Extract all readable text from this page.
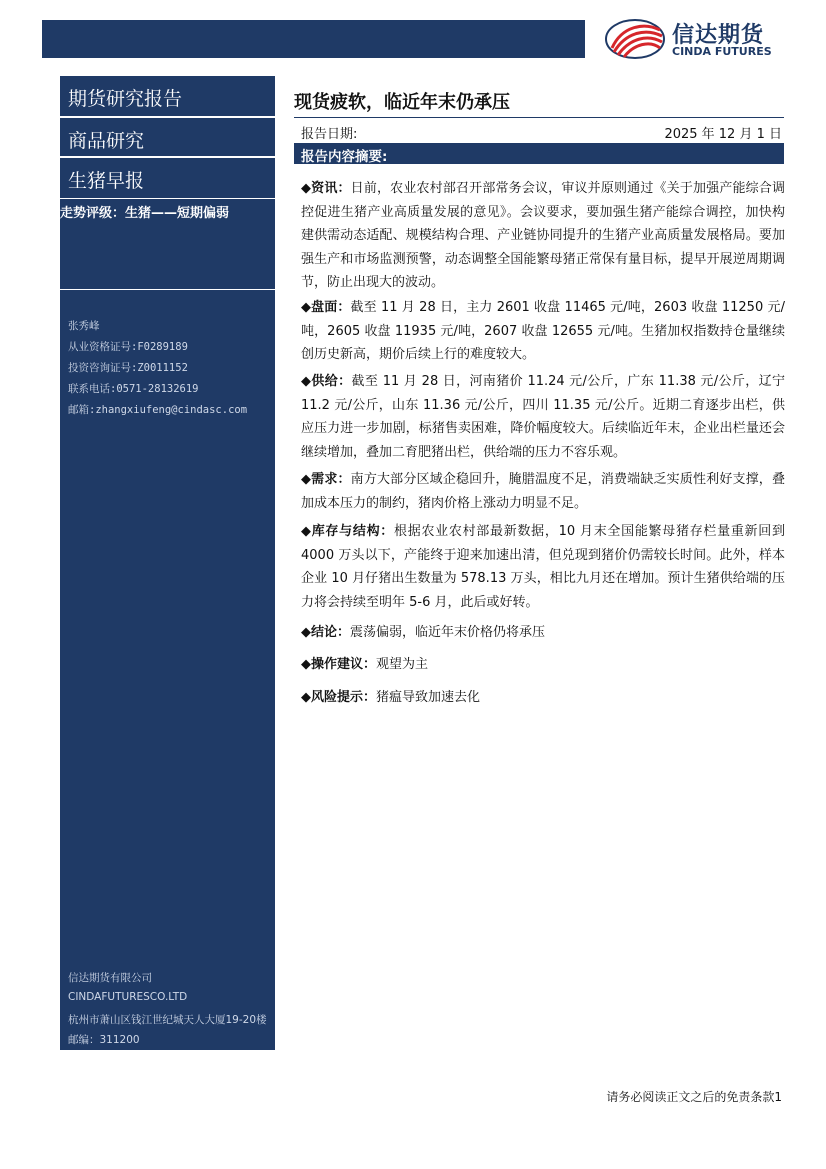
信达期货
CINDA FUTURES
期货研究报告
商品研究
生猪早报
走势评级：生猪——短期偏弱
张秀峰
从业资格证号:F0289189
投资咨询证号:Z0011152
联系电话:0571-28132619
邮箱:zhangxiufeng@cindasc.com
信达期货有限公司
CINDAFUTURESCO.LTD
杭州市萧山区钱江世纪城天人大厦19-20楼
邮编：311200
现货疲软，临近年末仍承压
报告日期:	2025 年 12 月 1 日
报告内容摘要:
◆资讯：日前，农业农村部召开部常务会议，审议并原则通过《关于加强产能综合调控促进生猪产业高质量发展的意见》。会议要求，要加强生猪产能综合调控，加快构建供需动态适配、规模结构合理、产业链协同提升的生猪产业高质量发展格局。要加强生产和市场监测预警，动态调整全国能繁母猪正常保有量目标，提早开展逆周期调节，防止出现大的波动。
◆盘面：截至 11 月 28 日，主力 2601 收盘 11465 元/吨，2603 收盘 11250 元/吨，2605 收盘 11935 元/吨，2607 收盘 12655 元/吨。生猪加权指数持仓量继续创历史新高，期价后续上行的难度较大。
◆供给：截至 11 月 28 日，河南猪价 11.24 元/公斤，广东 11.38 元/公斤，辽宁 11.2 元/公斤，山东 11.36 元/公斤，四川 11.35 元/公斤。近期二育逐步出栏，供应压力进一步加剧，标猪售卖困难，降价幅度较大。后续临近年末，企业出栏量还会继续增加，叠加二育肥猪出栏，供给端的压力不容乐观。
◆需求：南方大部分区域企稳回升，腌腊温度不足，消费端缺乏实质性利好支撑，叠加成本压力的制约，猪肉价格上涨动力明显不足。
◆库存与结构：根据农业农村部最新数据，10 月末全国能繁母猪存栏量重新回到 4000 万头以下，产能终于迎来加速出清，但兑现到猪价仍需较长时间。此外，样本企业 10 月仔猪出生数量为 578.13 万头，相比九月还在增加。预计生猪供给端的压力将会持续至明年 5-6 月，此后或好转。
◆结论：震荡偏弱，临近年末价格仍将承压
◆操作建议：观望为主
◆风险提示：猪瘟导致加速去化
请务必阅读正文之后的免责条款1
